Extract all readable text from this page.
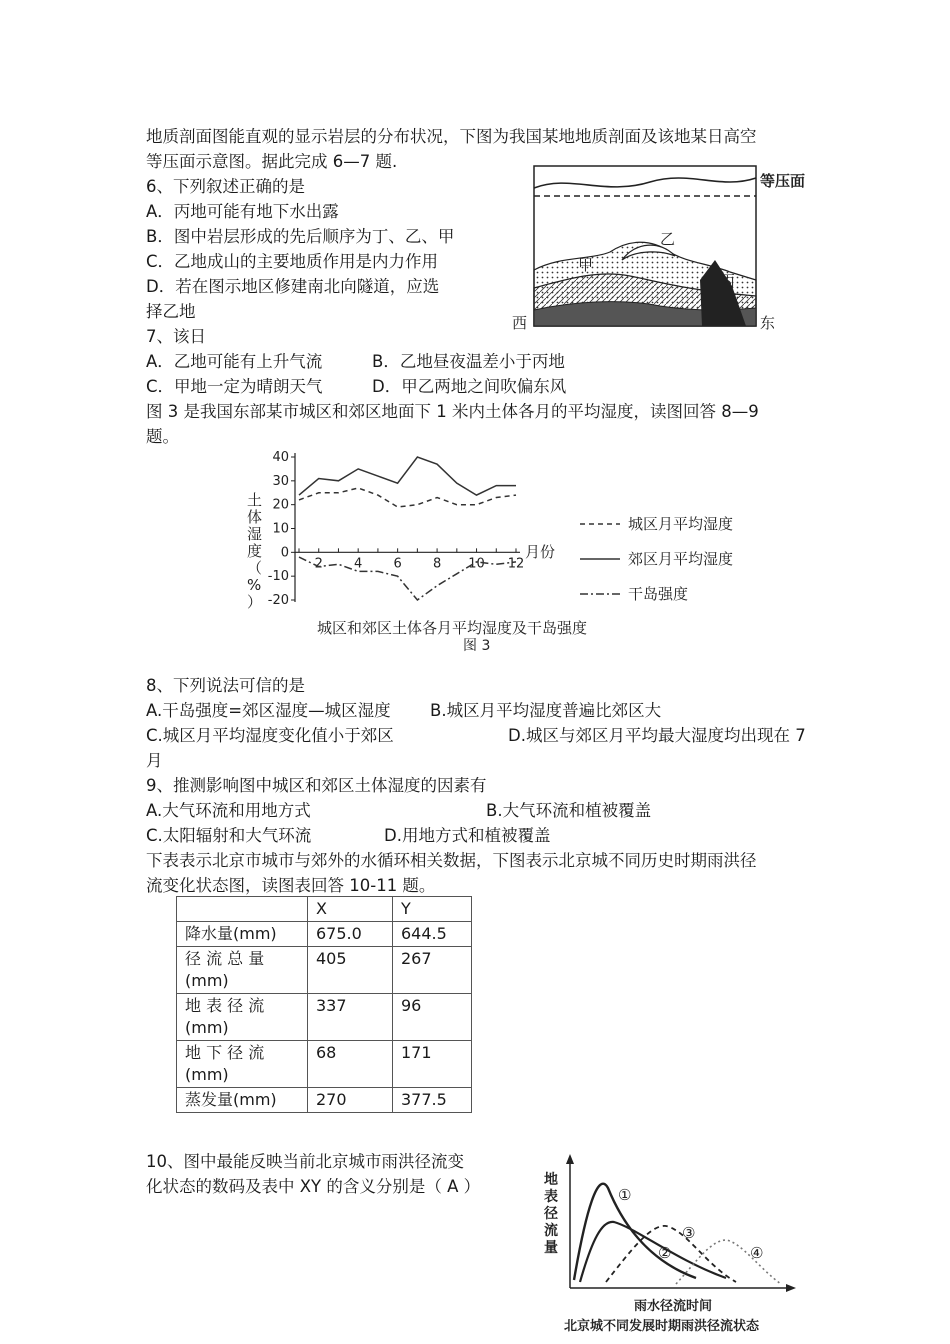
地质剖面图能直观的显示岩层的分布状况，下图为我国某地地质剖面及该地某日高空
等压面示意图。据此完成 6—7 题.
6、下列叙述正确的是
A．丙地可能有地下水出露
B．图中岩层形成的先后顺序为丁、乙、甲
C．乙地成山的主要地质作用是内力作用
D．若在图示地区修建南北向隧道，应选
择乙地
乙
甲
丙
西	东
等压面
7、该日
A．乙地可能有上升气流	B．乙地昼夜温差小于丙地
C．甲地一定为晴朗天气	D．甲乙两地之间吹偏东风
图 3 是我国东部某市城区和郊区地面下 1 米内土体各月的平均湿度，读图回答 8—9
题。
40
30
20
10
0
-10
-20
2 4 6 8 10 12
城区月平均湿度
郊区月平均湿度
干岛强度
土体湿度（%）
月份
城区和郊区土体各月平均湿度及干岛强度
图 3
8、下列说法可信的是
A.干岛强度=郊区湿度—城区湿度 B.城区月平均湿度普遍比郊区大
C.城区月平均湿度变化值小于郊区	D.城区与郊区月平均最大湿度均出现在 7
月
9、推测影响图中城区和郊区土体湿度的因素有
A.大气环流和用地方式	B.大气环流和植被覆盖
C.太阳辐射和大气环流	D.用地方式和植被覆盖
下表表示北京市城市与郊外的水循环相关数据，下图表示北京城不同历史时期雨洪径
流变化状态图，读图表回答 10-11 题。
	X	Y
降水量(mm)	675.0	644.5

径 流 总 量
(mm)	405	267

地 表 径 流
(mm)	337	96

地 下 径 流
(mm)	68	171
蒸发量(mm)	270	377.5
10、图中最能反映当前北京城市雨洪径流变
化状态的数码及表中 XY 的含义分别是（ A ）	地
表
径
流
量
①
②
③
④
雨水径流时间
北京城不同发展时期雨洪径流状态
